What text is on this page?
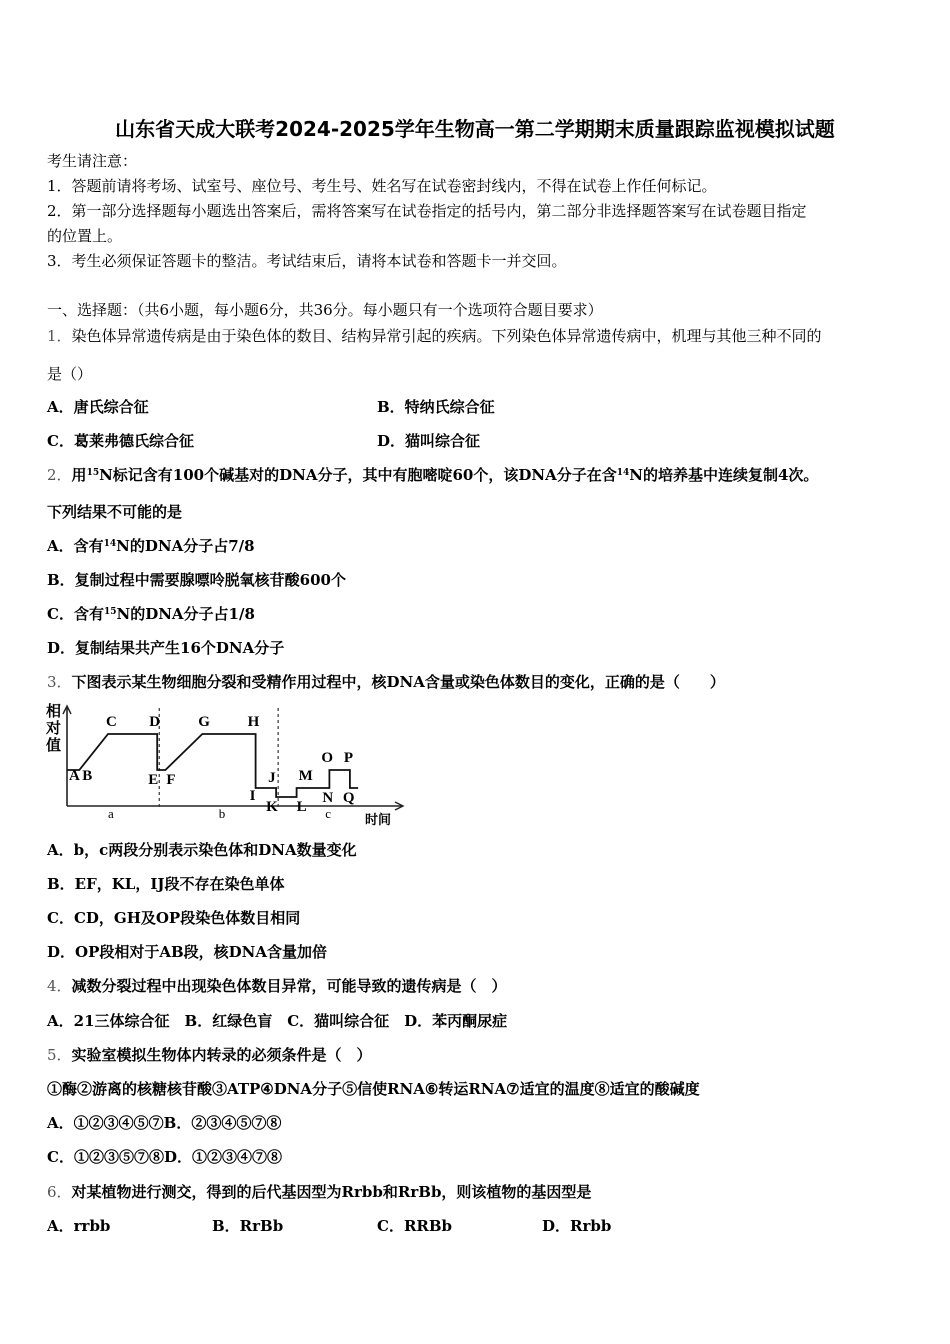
山东省天成大联考2024-2025学年生物高一第二学期期末质量跟踪监视模拟试题
考生请注意：
1．答题前请将考场、试室号、座位号、考生号、姓名写在试卷密封线内，不得在试卷上作任何标记。
2．第一部分选择题每小题选出答案后，需将答案写在试卷指定的括号内，第二部分非选择题答案写在试卷题目指定
的位置上。
3．考生必须保证答题卡的整洁。考试结束后，请将本试卷和答题卡一并交回。
一、选择题：（共6小题，每小题6分，共36分。每小题只有一个选项符合题目要求）
1．染色体异常遗传病是由于染色体的数目、结构异常引起的疾病。下列染色体异常遗传病中，机理与其他三种不同的
是（）
A．唐氏综合征	B．特纳氏综合征
C．葛莱弗德氏综合征	D．猫叫综合征
2．用$^{15}$N标记含有100个碱基对的DNA分子，其中有胞嘧啶60个，该DNA分子在含$^{14}$N的培养基中连续复制4次。
下列结果不可能的是
A．含有$^{14}$N的DNA分子占7/8
B．复制过程中需要腺嘌呤脱氧核苷酸600个
C．含有$^{15}$N的DNA分子占1/8
D．复制结果共产生16个DNA分子
3．下图表示某生物细胞分裂和受精作用过程中，核DNA含量或染色体数目的变化，正确的是（　　）
相
对
值
时间
A B
C D
E F
G	H
I
J
K L
M
N
O P
Q
a	b	c
A．b，c两段分别表示染色体和DNA数量变化
B．EF，KL，IJ段不存在染色单体
C．CD，GH及OP段染色体数目相同
D．OP段相对于AB段，核DNA含量加倍
4．减数分裂过程中出现染色体数目异常，可能导致的遗传病是（　）
A．21三体综合征　B．红绿色盲　C．猫叫综合征　D．苯丙酮尿症
5．实验室模拟生物体内转录的必须条件是（　）
①酶②游离的核糖核苷酸③ATP④DNA分子⑤信使RNA⑥转运RNA⑦适宜的温度⑧适宜的酸碱度
A．①②③④⑤⑦B．②③④⑤⑦⑧
C．①②③⑤⑦⑧D．①②③④⑦⑧
6．对某植物进行测交，得到的后代基因型为Rrbb和RrBb，则该植物的基因型是
A．rrbb	B．RrBb	C．RRBb	D．Rrbb
